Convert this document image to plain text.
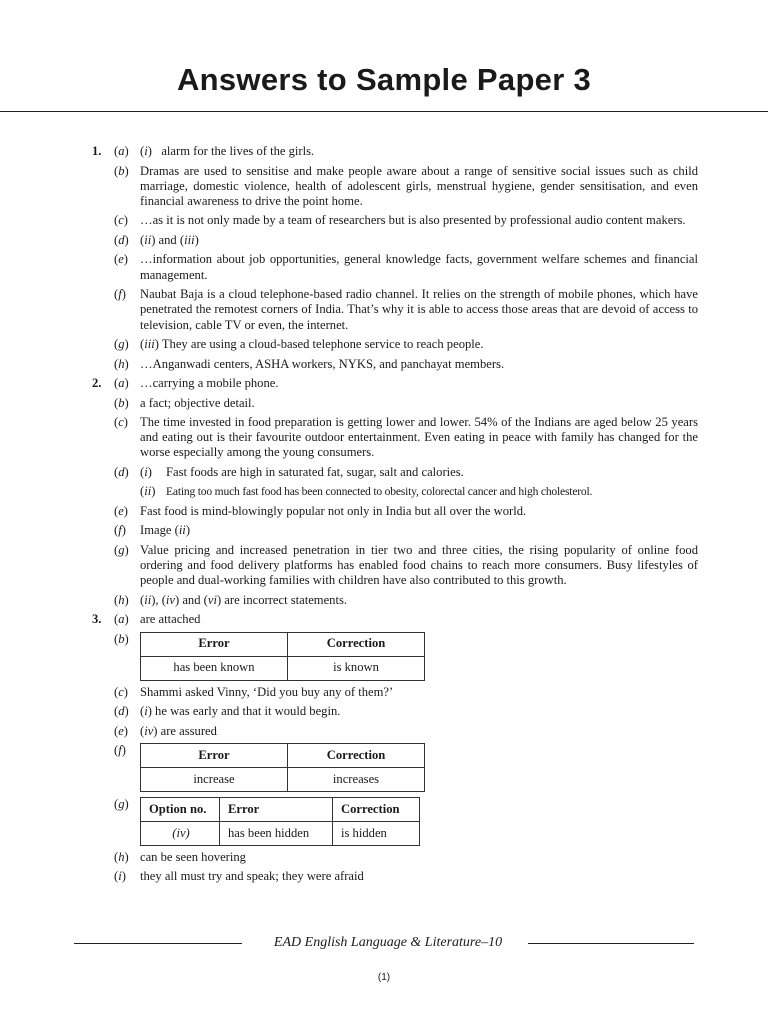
Answers to Sample Paper 3
1. (a) (i)   alarm for the lives of the girls.
(b) Dramas are used to sensitise and make people aware about a range of sensitive social issues such as child marriage, domestic violence, health of adolescent girls, menstrual hygiene, gender sensitisation, and even financial awareness to drive the point home.
(c) …as it is not only made by a team of researchers but is also presented by professional audio content makers.
(d) (ii) and (iii)
(e) …information about job opportunities, general knowledge facts, government welfare schemes and financial management.
(f)	Naubat Baja is a cloud telephone-based radio channel. It relies on the strength of mobile phones, which have penetrated the remotest corners of India. That’s why it is able to access those areas that are devoid of access to television, cable TV or even, the internet.
(g) (iii) They are using a cloud-based telephone service to reach people.
(h) …Anganwadi centers, ASHA workers, NYKS, and panchayat members.
2. (a) …carrying a mobile phone.
(b) a fact; objective detail.
(c) The time invested in food preparation is getting lower and lower. 54% of the Indians are aged below 25 years and eating out is their favourite outdoor entertainment. Even eating in peace with family has changed for the worse especially among the young consumers.
(d) (i)	Fast foods are high in saturated fat, sugar, salt and calories.
(ii) Eating too much fast food has been connected to obesity, colorectal cancer and high cholesterol.
(e) Fast food is mind-blowingly popular not only in India but all over the world.
(f)	Image (ii)
(g) Value pricing and increased penetration in tier two and three cities, the rising popularity of online food ordering and food delivery platforms has enabled food chains to reach more consumers. Busy lifestyles of people and dual-working families with children have also contributed to this growth.
(h) (ii), (iv) and (vi) are incorrect statements.
3. (a) are attached
(b)	Error	Correction
has been known	is known
(c) Shammi asked Vinny, ‘Did you buy any of them?’
(d) (i) he was early and that it would begin.
(e) (iv) are assured
(f)	Error	Correction
increase	increases
(g)	Option no.	Error	Correction
(iv)	has been hidden	is hidden
(h) can be seen hovering
(i)	they all must try and speak; they were afraid
EAD English Language & Literature–10
(1)
